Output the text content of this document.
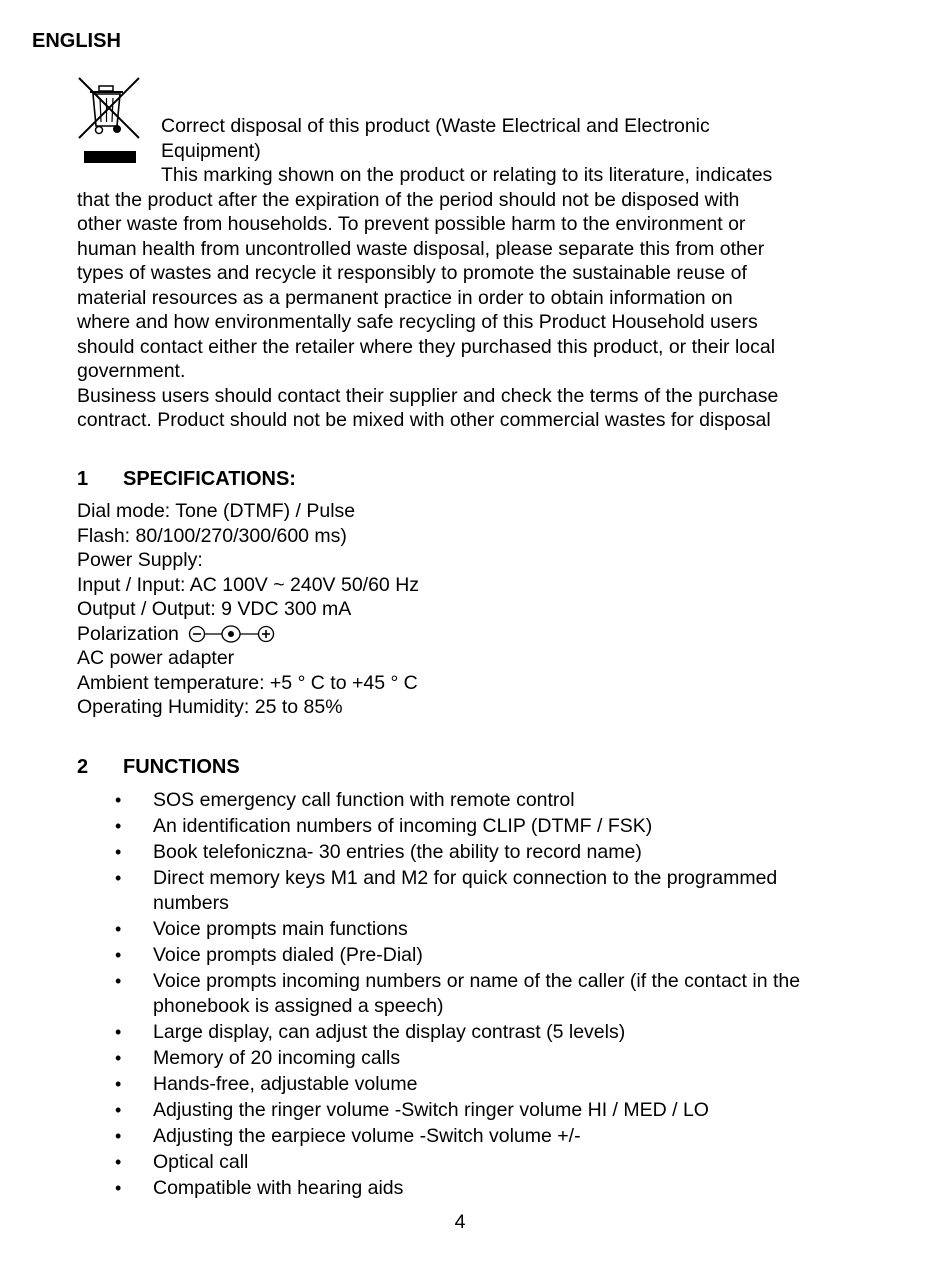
ENGLISH
Correct disposal of this product (Waste Electrical and Electronic
Equipment)
This marking shown on the product or relating to its literature, indicates
that the product after the expiration of the period should not be disposed with
other waste from households. To prevent possible harm to the environment or
human health from uncontrolled waste disposal, please separate this from other
types of wastes and recycle it responsibly to promote the sustainable reuse of
material resources as a permanent practice in order to obtain information on
where and how environmentally safe recycling of this Product Household users
should contact either the retailer where they purchased this product, or their local
government.
Business users should contact their supplier and check the terms of the purchase
contract. Product should not be mixed with other commercial wastes for disposal
1 SPECIFICATIONS:
Dial mode: Tone (DTMF) / Pulse
Flash: 80/100/270/300/600 ms)
Power Supply:
Input / Input: AC 100V ~ 240V 50/60 Hz
Output / Output: 9 VDC 300 mA
Polarization
AC power adapter
Ambient temperature: +5 ° C to +45 ° C
Operating Humidity: 25 to 85%
2 FUNCTIONS
• SOS emergency call function with remote control
• An identification numbers of incoming CLIP (DTMF / FSK)
• Book telefoniczna- 30 entries (the ability to record name)
• Direct memory keys M1 and M2 for quick connection to the programmed numbers
• Voice prompts main functions
• Voice prompts dialed (Pre-Dial)
• Voice prompts incoming numbers or name of the caller (if the contact in the phonebook is assigned a speech)
• Large display, can adjust the display contrast (5 levels)
• Memory of 20 incoming calls
• Hands-free, adjustable volume
• Adjusting the ringer volume -Switch ringer volume HI / MED / LO
• Adjusting the earpiece volume -Switch volume +/-
• Optical call
• Compatible with hearing aids
4
